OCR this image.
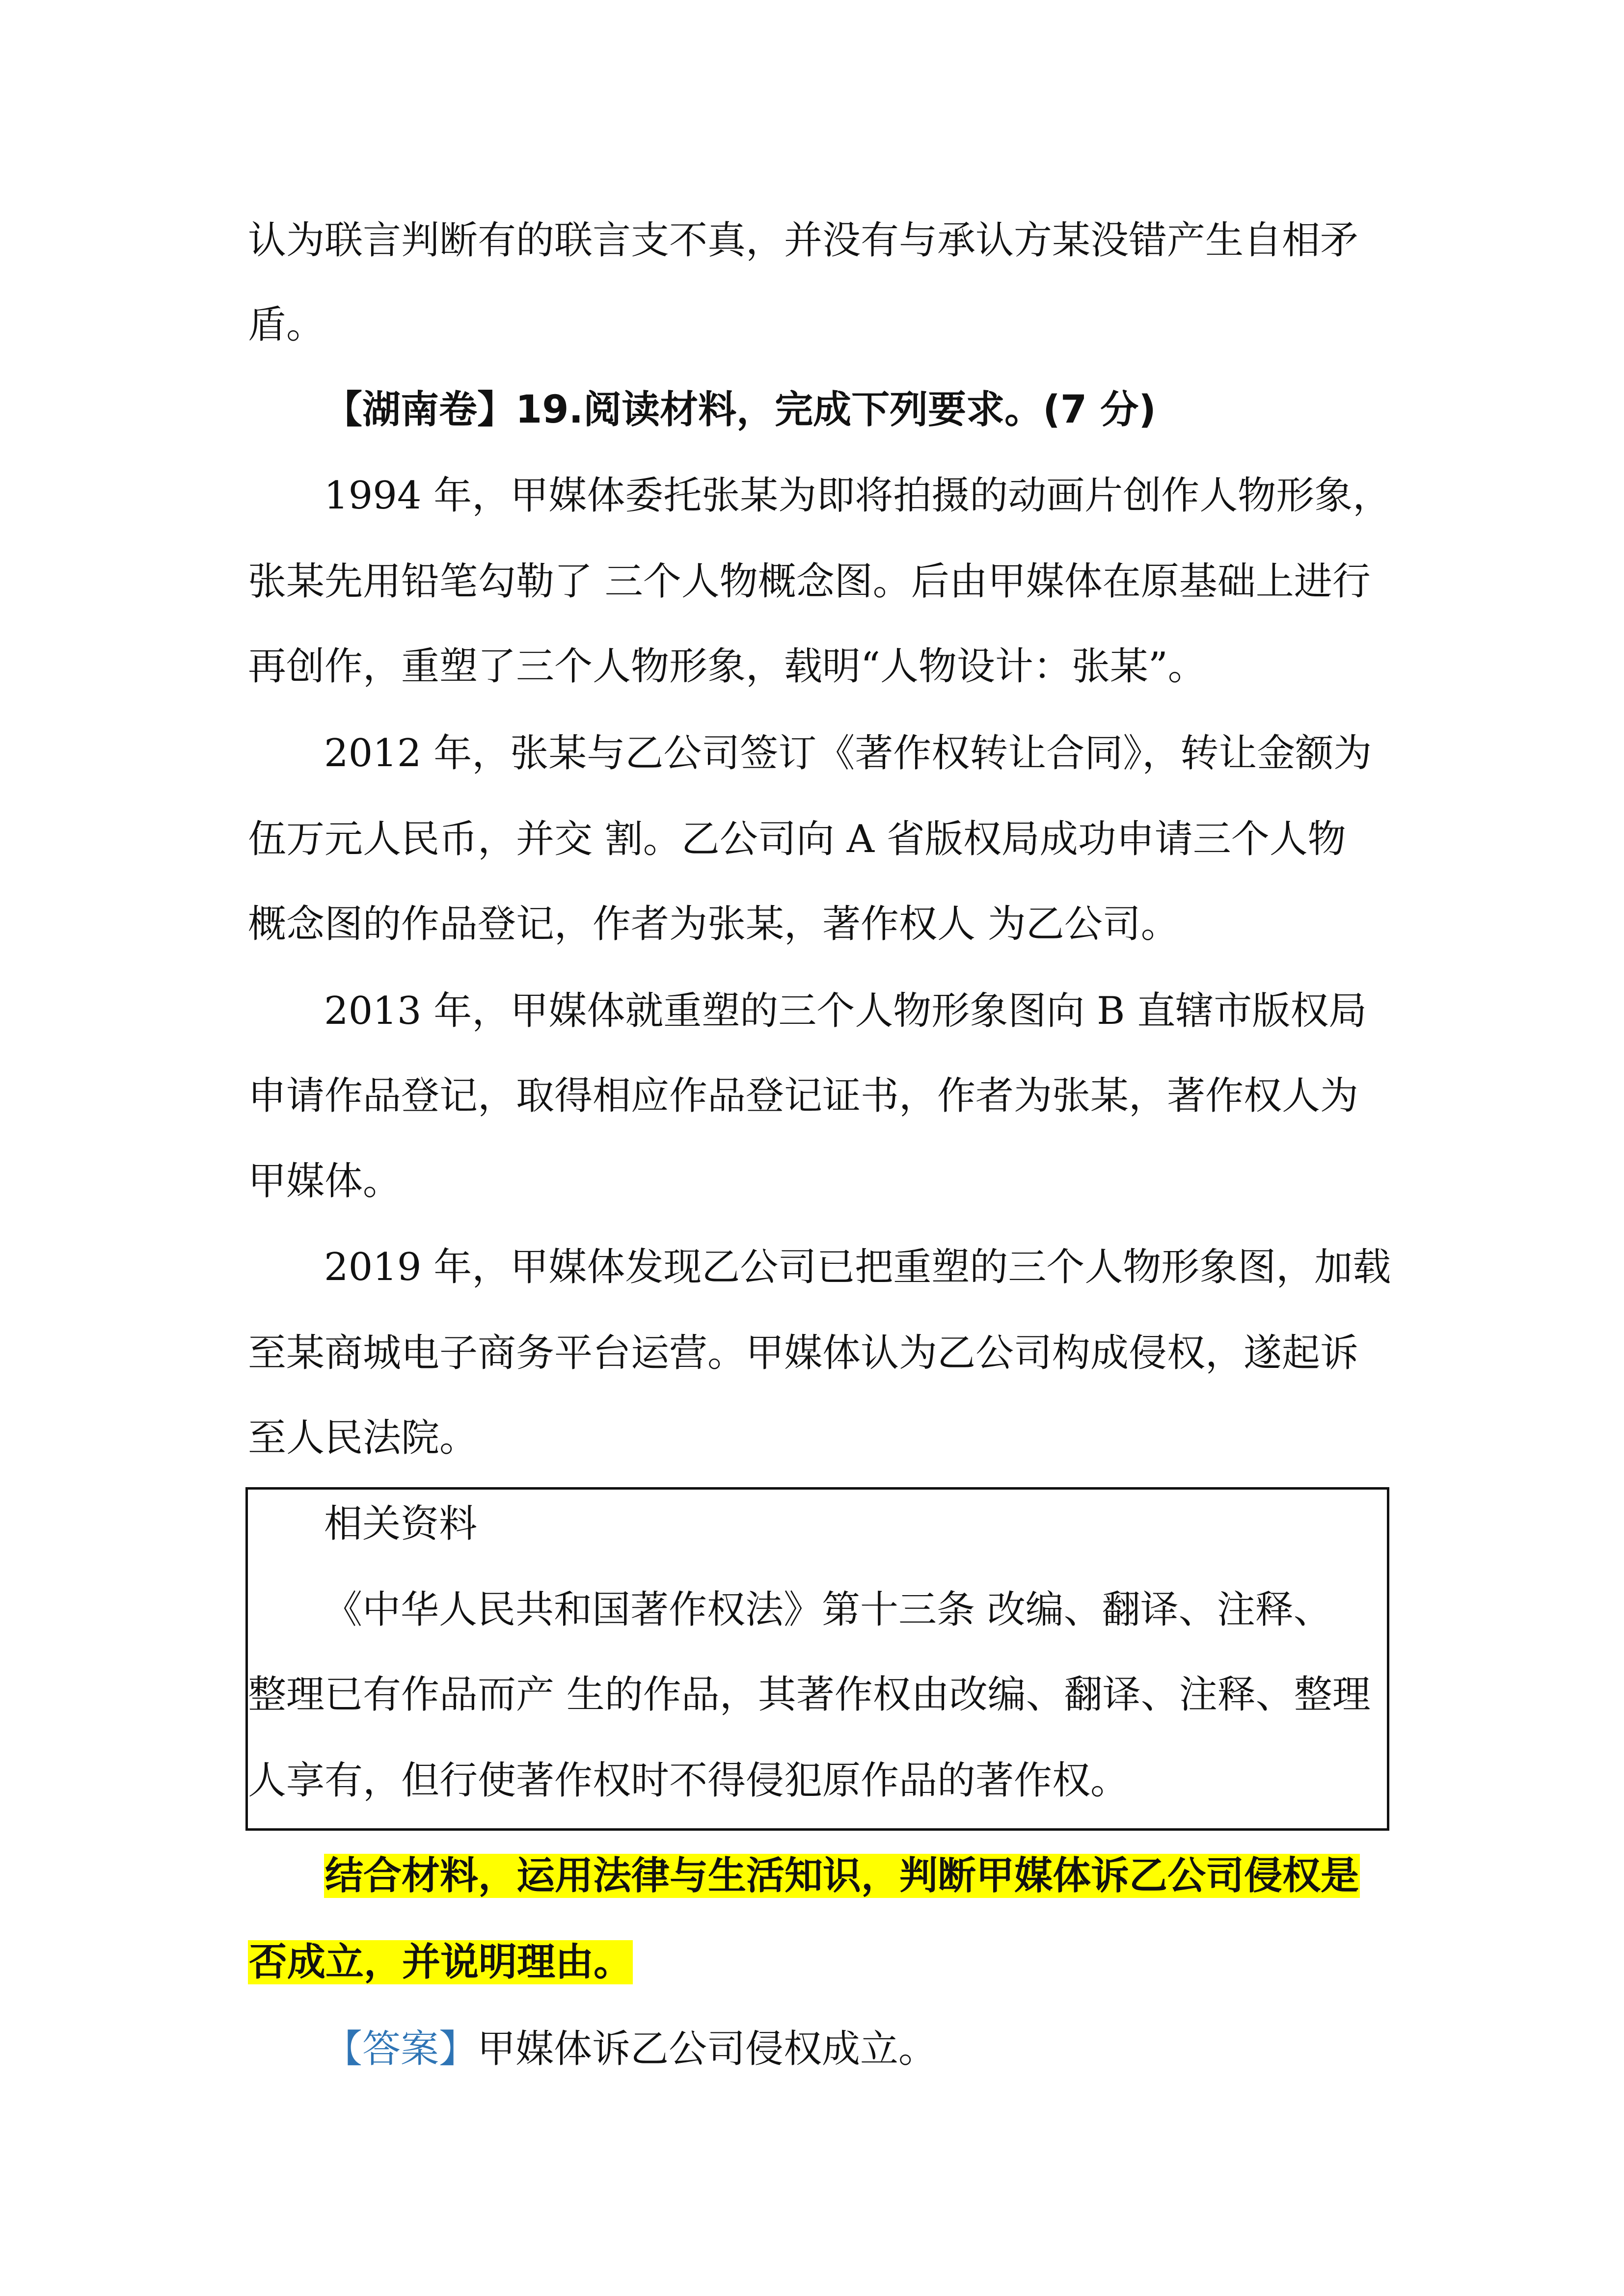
认为联言判断有的联言支不真，并没有与承认方某没错产生自相矛
盾。
【湖南卷】19.阅读材料，完成下列要求。(7 分)
1994 年，甲媒体委托张某为即将拍摄的动画片创作人物形象，
张某先用铅笔勾勒了 三个人物概念图。后由甲媒体在原基础上进行
再创作，重塑了三个人物形象，载明“人物设计：张某”。
2012 年，张某与乙公司签订《著作权转让合同》，转让金额为
伍万元人民币，并交 割。乙公司向 A 省版权局成功申请三个人物
概念图的作品登记，作者为张某，著作权人 为乙公司。
2013 年，甲媒体就重塑的三个人物形象图向 B 直辖市版权局
申请作品登记，取得相应作品登记证书，作者为张某，著作权人为
甲媒体。
2019 年，甲媒体发现乙公司已把重塑的三个人物形象图，加载
至某商城电子商务平台运营。甲媒体认为乙公司构成侵权，遂起诉
至人民法院。
相关资料
《中华人民共和国著作权法》第十三条 改编、翻译、注释、
整理已有作品而产 生的作品，其著作权由改编、翻译、注释、整理
人享有，但行使著作权时不得侵犯原作品的著作权。
结合材料，运用法律与生活知识，判断甲媒体诉乙公司侵权是
否成立，并说明理由。
【答案】甲媒体诉乙公司侵权成立。
